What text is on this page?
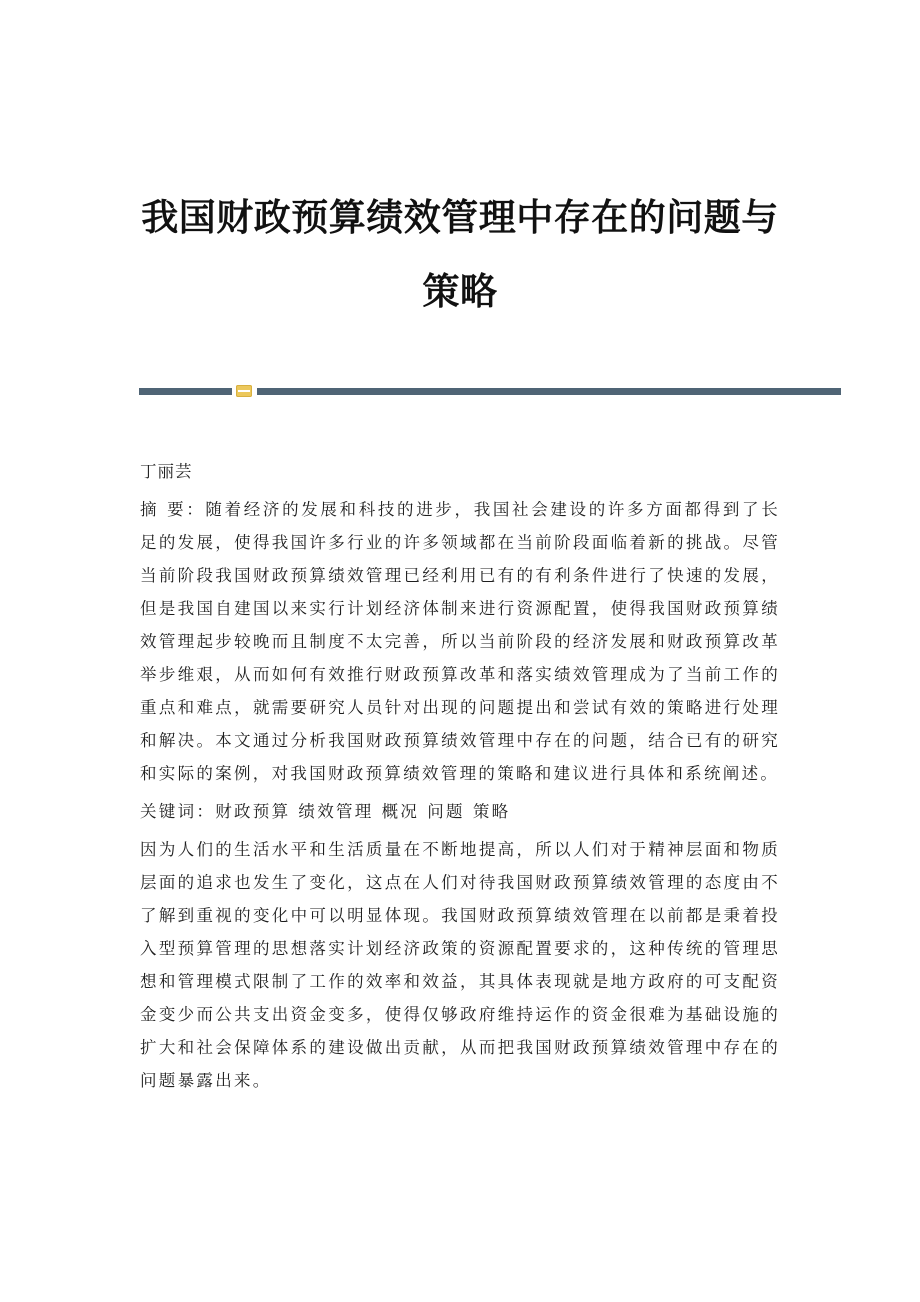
我国财政预算绩效管理中存在的问题与
策略

丁丽芸

摘 要：随着经济的发展和科技的进步，我国社会建设的许多方面都得到了长足的发展，使得我国许多行业的许多领域都在当前阶段面临着新的挑战。尽管当前阶段我国财政预算绩效管理已经利用已有的有利条件进行了快速的发展，但是我国自建国以来实行计划经济体制来进行资源配置，使得我国财政预算绩效管理起步较晚而且制度不太完善，所以当前阶段的经济发展和财政预算改革举步维艰，从而如何有效推行财政预算改革和落实绩效管理成为了当前工作的重点和难点，就需要研究人员针对出现的问题提出和尝试有效的策略进行处理和解决。本文通过分析我国财政预算绩效管理中存在的问题，结合已有的研究和实际的案例，对我国财政预算绩效管理的策略和建议进行具体和系统阐述。

关键词：财政预算 绩效管理 概况 问题 策略

因为人们的生活水平和生活质量在不断地提高，所以人们对于精神层面和物质层面的追求也发生了变化，这点在人们对待我国财政预算绩效管理的态度由不了解到重视的变化中可以明显体现。我国财政预算绩效管理在以前都是秉着投入型预算管理的思想落实计划经济政策的资源配置要求的，这种传统的管理思想和管理模式限制了工作的效率和效益，其具体表现就是地方政府的可支配资金变少而公共支出资金变多，使得仅够政府维持运作的资金很难为基础设施的扩大和社会保障体系的建设做出贡献，从而把我国财政预算绩效管理中存在的问题暴露出来。
